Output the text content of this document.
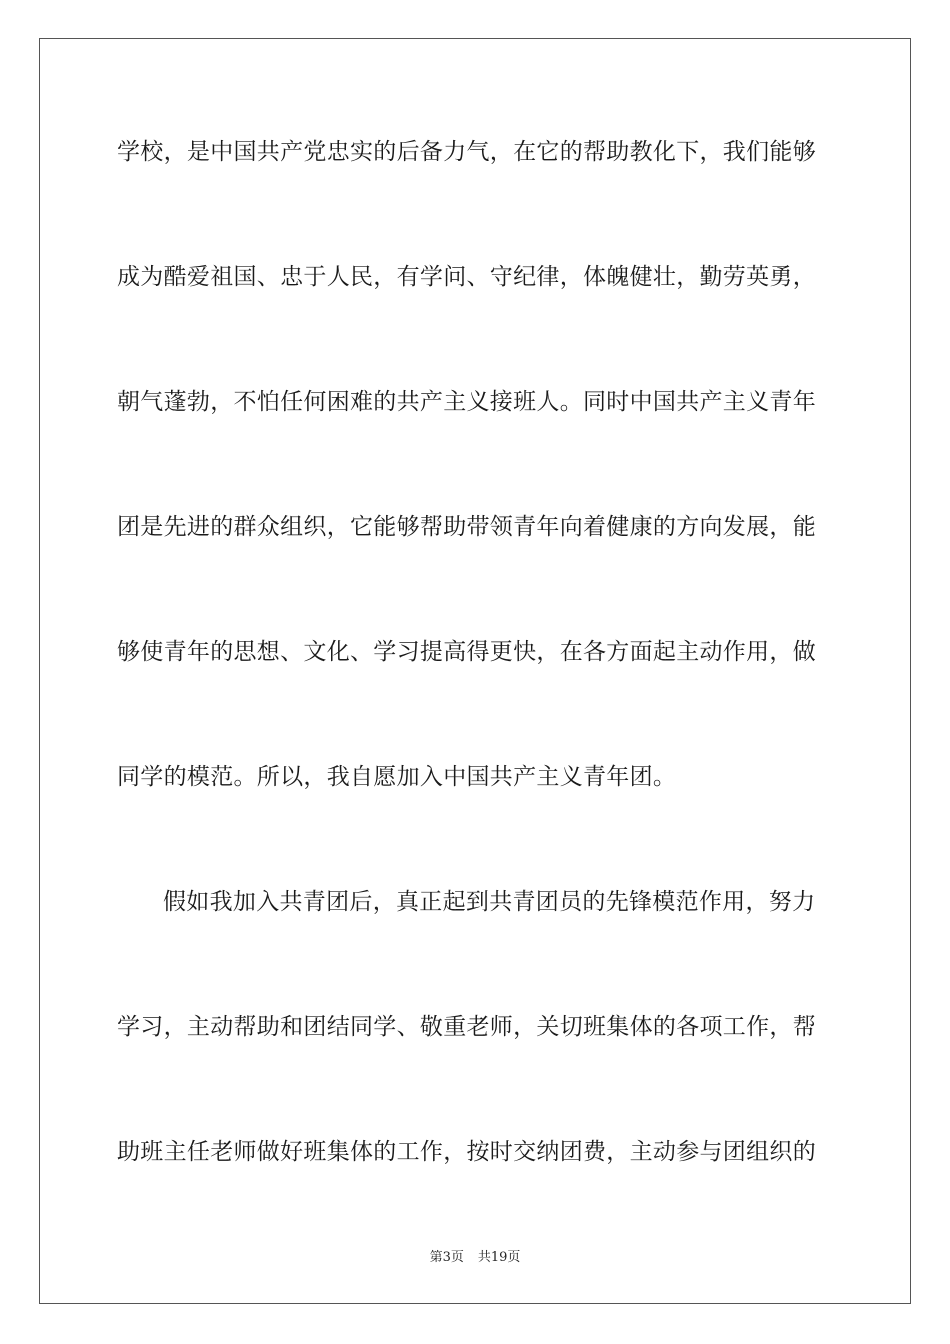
学校，是中国共产党忠实的后备力气，在它的帮助教化下，我们能够
成为酷爱祖国、忠于人民，有学问、守纪律，体魄健壮，勤劳英勇，
朝气蓬勃，不怕任何困难的共产主义接班人。同时中国共产主义青年
团是先进的群众组织，它能够帮助带领青年向着健康的方向发展，能
够使青年的思想、文化、学习提高得更快，在各方面起主动作用，做
同学的模范。所以，我自愿加入中国共产主义青年团。
假如我加入共青团后，真正起到共青团员的先锋模范作用，努力
学习，主动帮助和团结同学、敬重老师，关切班集体的各项工作，帮
助班主任老师做好班集体的工作，按时交纳团费，主动参与团组织的
第3页 共19页
